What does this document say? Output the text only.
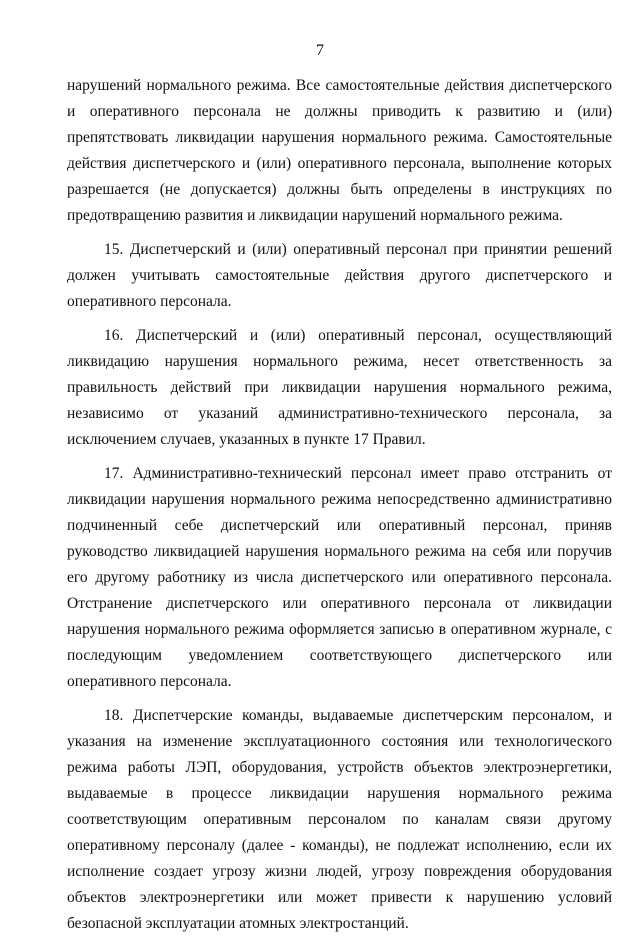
7

нарушений нормального режима. Все самостоятельные действия диспетчерского и оперативного персонала не должны приводить к развитию и (или) препятствовать ликвидации нарушения нормального режима. Самостоятельные действия диспетчерского и (или) оперативного персонала, выполнение которых разрешается (не допускается) должны быть определены в инструкциях по предотвращению развития и ликвидации нарушений нормального режима.

15. Диспетчерский и (или) оперативный персонал при принятии решений должен учитывать самостоятельные действия другого диспетчерского и оперативного персонала.

16. Диспетчерский и (или) оперативный персонал, осуществляющий ликвидацию нарушения нормального режима, несет ответственность за правильность действий при ликвидации нарушения нормального режима, независимо от указаний административно-технического персонала, за исключением случаев, указанных в пункте 17 Правил.

17. Административно-технический персонал имеет право отстранить от ликвидации нарушения нормального режима непосредственно административно подчиненный себе диспетчерский или оперативный персонал, приняв руководство ликвидацией нарушения нормального режима на себя или поручив его другому работнику из числа диспетчерского или оперативного персонала. Отстранение диспетчерского или оперативного персонала от ликвидации нарушения нормального режима оформляется записью в оперативном журнале, с последующим уведомлением соответствующего диспетчерского или оперативного персонала.

18. Диспетчерские команды, выдаваемые диспетчерским персоналом, и указания на изменение эксплуатационного состояния или технологического режима работы ЛЭП, оборудования, устройств объектов электроэнергетики, выдаваемые в процессе ликвидации нарушения нормального режима соответствующим оперативным персоналом по каналам связи другому оперативному персоналу (далее - команды), не подлежат исполнению, если их исполнение создает угрозу жизни людей, угрозу повреждения оборудования объектов электроэнергетики или может привести к нарушению условий безопасной эксплуатации атомных электростанций.
